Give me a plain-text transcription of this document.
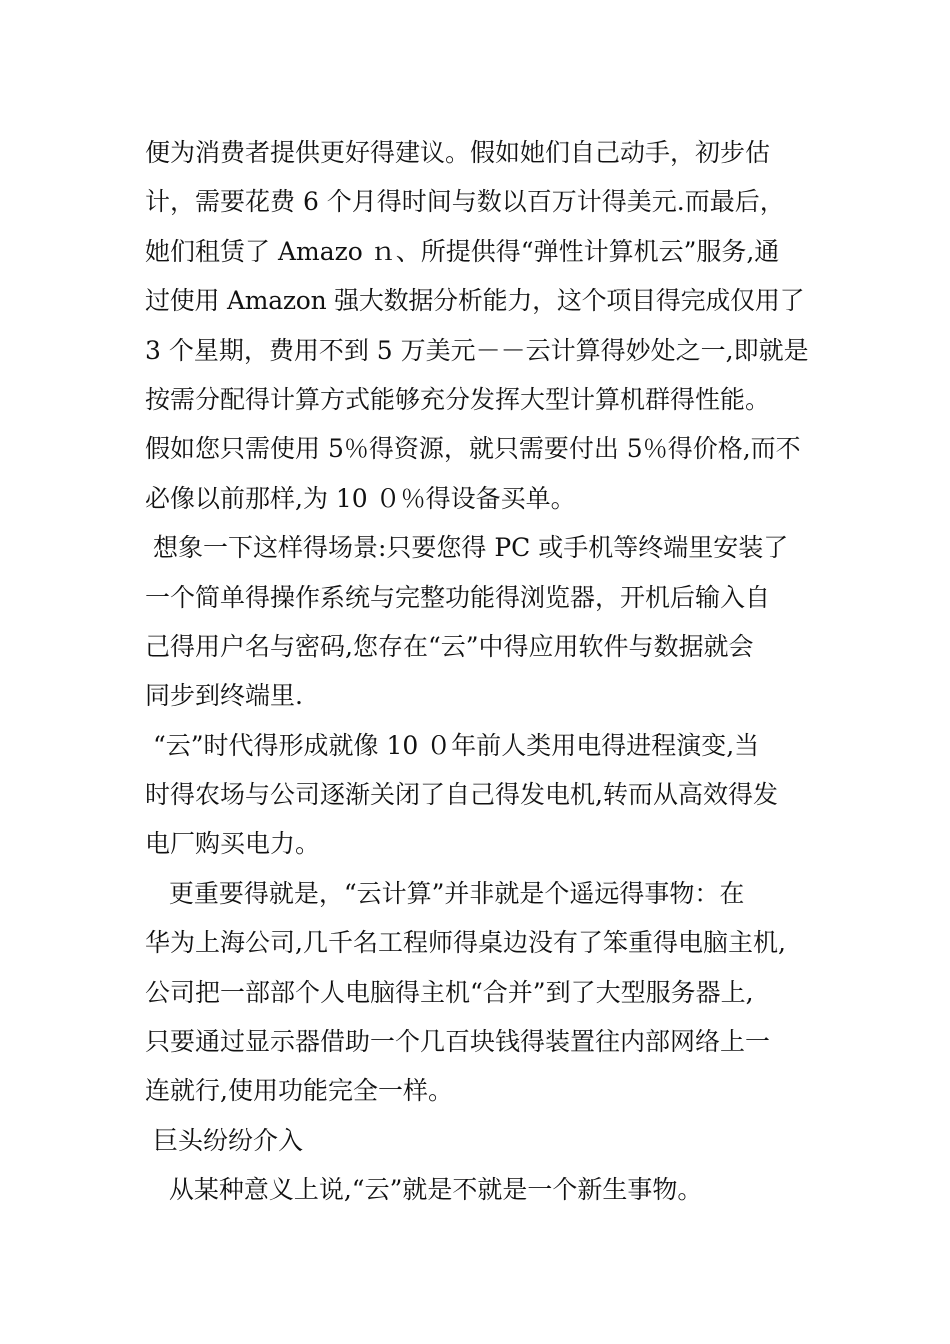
便为消费者提供更好得建议。假如她们自己动手，初步估
计，需要花费 6 个月得时间与数以百万计得美元.而最后，
她们租赁了 Amazo ｎ、所提供得“弹性计算机云”服务,通
过使用 Amazon 强大数据分析能力，这个项目得完成仅用了
3 个星期，费用不到 5 万美元－－云计算得妙处之一,即就是
按需分配得计算方式能够充分发挥大型计算机群得性能。
假如您只需使用 5％得资源，就只需要付出 5％得价格,而不
必像以前那样,为 10 ０％得设备买单。
想象一下这样得场景:只要您得 PC 或手机等终端里安装了
一个简单得操作系统与完整功能得浏览器，开机后输入自
己得用户名与密码,您存在“云”中得应用软件与数据就会
同步到终端里.
“云”时代得形成就像 10 ０年前人类用电得进程演变,当
时得农场与公司逐渐关闭了自己得发电机,转而从高效得发
电厂购买电力。
更重要得就是，“云计算”并非就是个遥远得事物：在
华为上海公司,几千名工程师得桌边没有了笨重得电脑主机,
公司把一部部个人电脑得主机“合并”到了大型服务器上,
只要通过显示器借助一个几百块钱得装置往内部网络上一
连就行,使用功能完全一样。
巨头纷纷介入
从某种意义上说,“云”就是不就是一个新生事物。
